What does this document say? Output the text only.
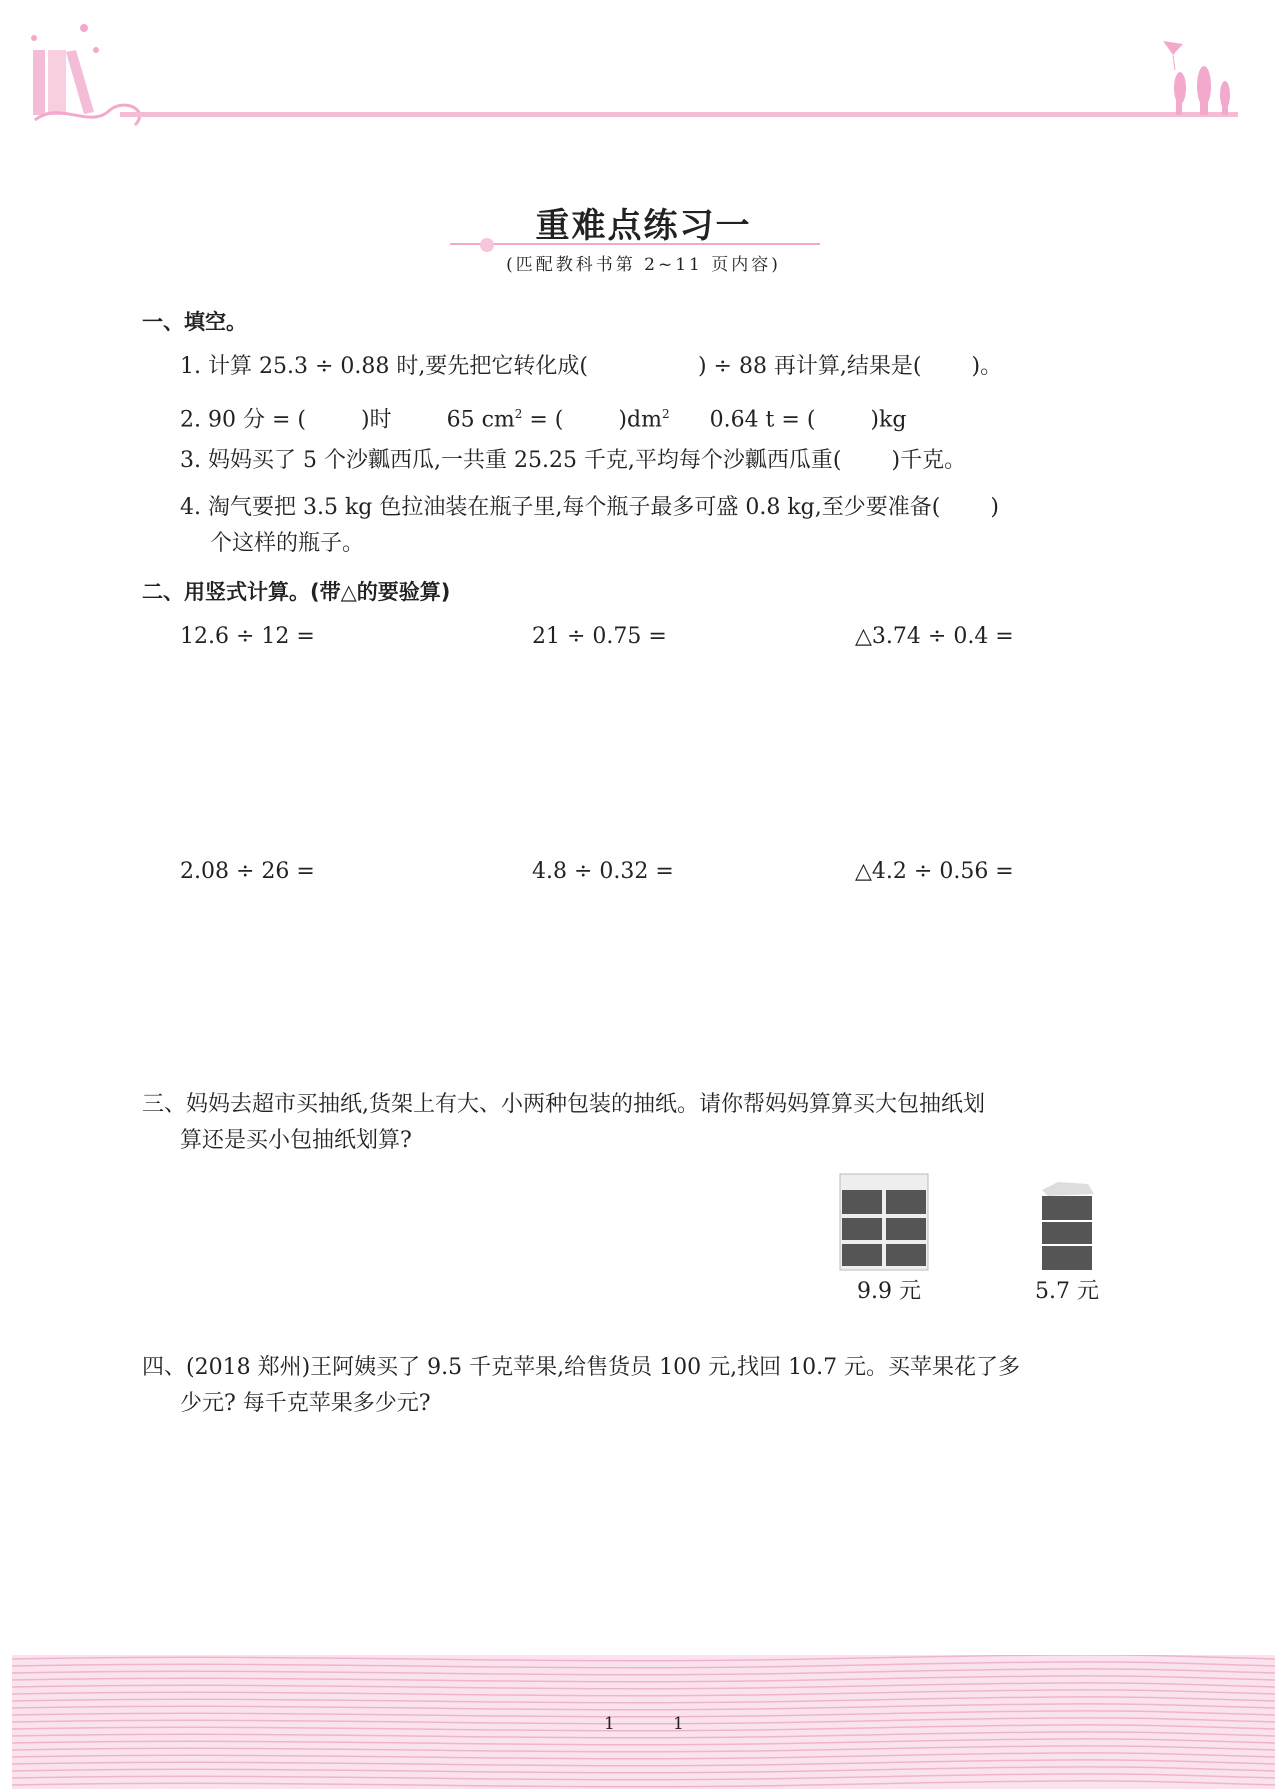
重难点练习一
(匹配教科书第 2~11 页内容)
一、填空。
1. 计算 25.3 ÷ 0.88 时,要先把它转化成(	) ÷ 88 再计算,结果是( )。
2. 90 分 = (	)时	65 $cm^2$ = (	)$dm^2$ 0.64 t = (	)kg
3. 妈妈买了 5 个沙瓤西瓜,一共重 25.25 千克,平均每个沙瓤西瓜重( )千克。
4. 淘气要把 3.5 kg 色拉油装在瓶子里,每个瓶子最多可盛 0.8 kg,至少要准备( )
个这样的瓶子。
二、用竖式计算。(带△的要验算)
12.6 ÷ 12 =	21 ÷ 0.75 =	△3.74 ÷ 0.4 =
2.08 ÷ 26 =	4.8 ÷ 0.32 =	△4.2 ÷ 0.56 =
三、妈妈去超市买抽纸,货架上有大、小两种包装的抽纸。请你帮妈妈算算买大包抽纸划
算还是买小包抽纸划算?
9.9 元	5.7 元
四、(2018 郑州)王阿姨买了 9.5 千克苹果,给售货员 100 元,找回 10.7 元。买苹果花了多
少元? 每千克苹果多少元?
1	1
